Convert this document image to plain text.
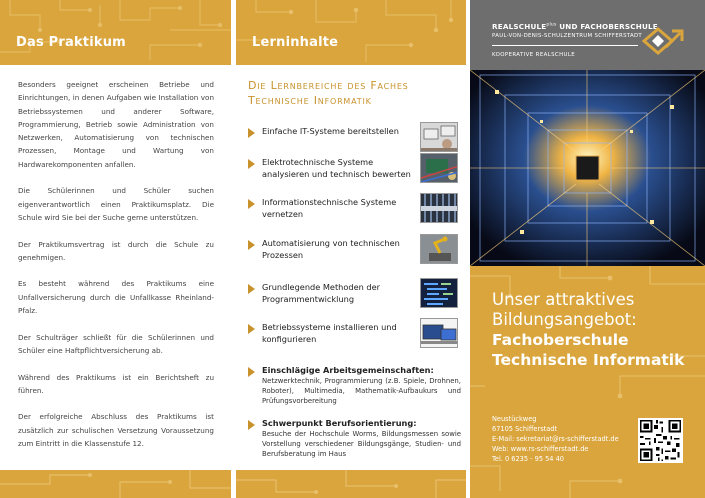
Das Praktikum

Besonders geeignet erscheinen Betriebe und Einrichtungen, in denen Aufgaben wie Installation von Betriebssystemen und anderer Software, Programmierung, Betrieb sowie Administration von Netzwerken, Automatisierung von technischen Prozessen, Montage und Wartung von Hardwarekomponenten anfallen.

Die Schülerinnen und Schüler suchen eigenverantwortlich einen Praktikumsplatz. Die Schule wird Sie bei der Suche gerne unterstützen.

Der Praktikumsvertrag ist durch die Schule zu genehmigen.

Es besteht während des Praktikums eine Unfallversicherung durch die Unfallkasse Rheinland-Pfalz.

Der Schulträger schließt für die Schülerinnen und Schüler eine Haftpflichtversicherung ab.

Während des Praktikums ist ein Berichtsheft zu führen.

Der erfolgreiche Abschluss des Praktikums ist zusätzlich zur schulischen Versetzung Voraussetzung zum Eintritt in die Klassenstufe 12.

Lerninhalte
Die Lernbereiche des Faches
Technische Informatik
Einfache IT-Systeme bereitstellen
Elektrotechnische Systeme analysieren und technisch bewerten
Informationstechnische Systeme vernetzen
Automatisierung von technischen Prozessen
Grundlegende Methoden der Programmentwicklung
Betriebssysteme installieren und konfigurieren
Einschlägige Arbeitsgemeinschaften:
Netzwerktechnik, Programmierung (z.B. Spiele, Drohnen, Roboter), Multimedia, Mathematik-Aufbaukurs und Prüfungsvorbereitung
Schwerpunkt Berufsorientierung:
Besuche der Hochschule Worms, Bildungsmessen sowie Vorstellung verschiedener Bildungsgänge, Studien- und Berufsberatung im Haus
$REALSCHULE^{plus}$ UND FACHOBERSCHULE
PAUL-VON-DENIS-SCHULZENTRUM SCHIFFERSTADT
KOOPERATIVE REALSCHULE
Unser attraktives
Bildungsangebot:
Fachoberschule
Technische Informatik
Neustückweg
67105 Schifferstadt
E-Mail: sekretariat@rs-schifferstadt.de
Web: www.rs-schifferstadt.de
Tel. 0 6235 - 95 54 40
